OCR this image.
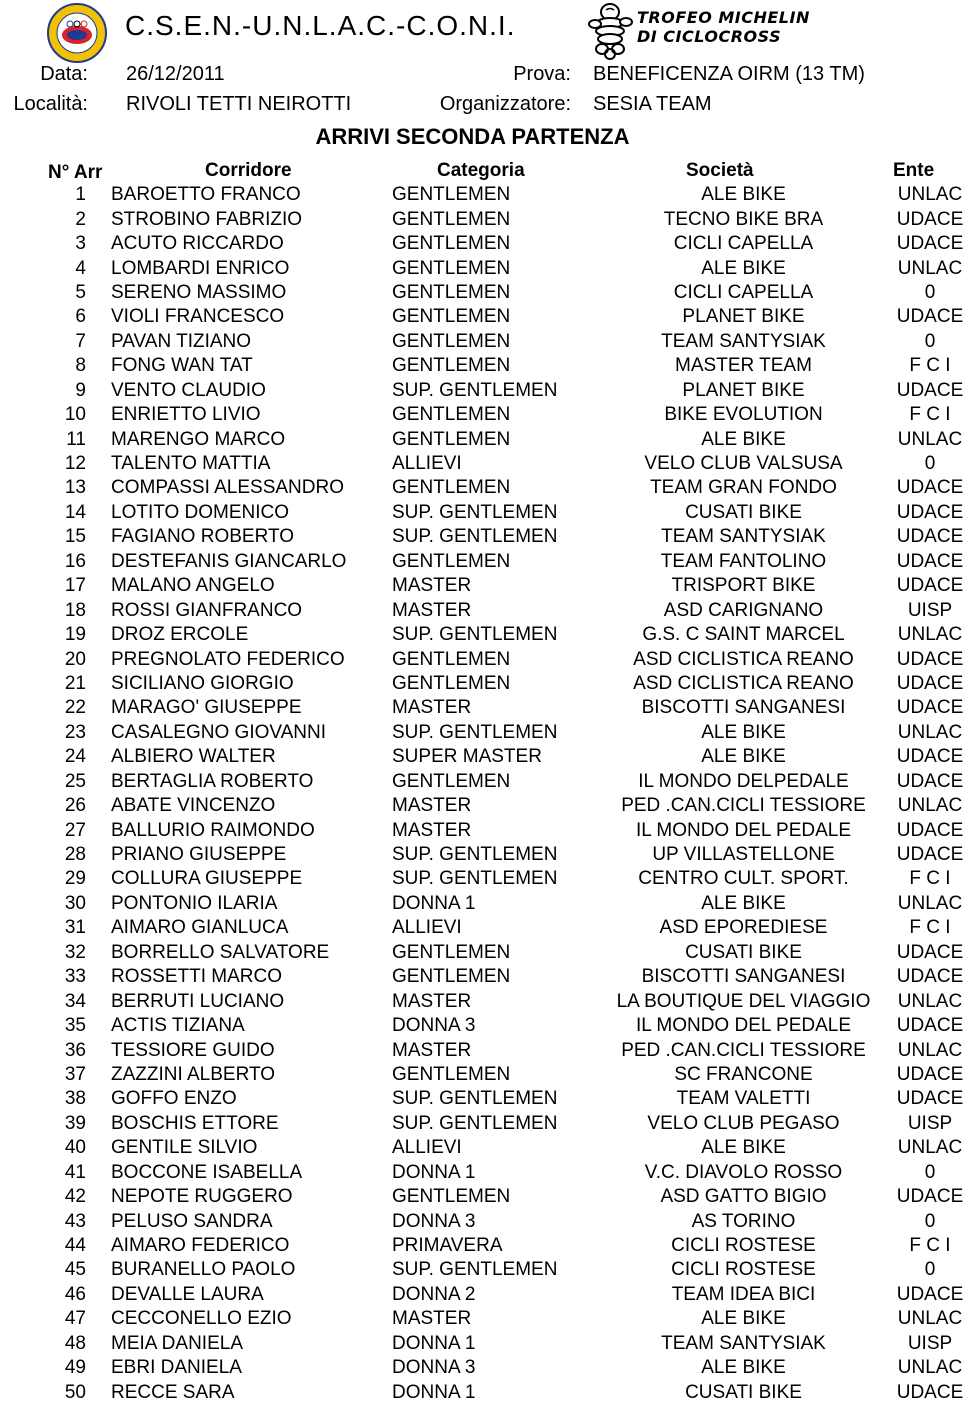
C.S.E.N.-U.N.L.A.C.-C.O.N.I.	TROFEO MICHELIN
DI CICLOCROSS
Data: 26/12/2011	Prova: BENEFICENZA OIRM (13 TM)
Località: RIVOLI TETTI NEIROTTI	Organizzatore: SESIA TEAM
ARRIVI SECONDA PARTENZA
N° Arr	Corridore	Categoria	Società	Ente
1	BAROETTO FRANCO	GENTLEMEN	ALE BIKE	UNLAC
2	STROBINO FABRIZIO	GENTLEMEN	TECNO BIKE BRA	UDACE
3	ACUTO RICCARDO	GENTLEMEN	CICLI CAPELLA	UDACE
4	LOMBARDI ENRICO	GENTLEMEN	ALE BIKE	UNLAC
5	SERENO MASSIMO	GENTLEMEN	CICLI CAPELLA	0
6	VIOLI FRANCESCO	GENTLEMEN	PLANET BIKE	UDACE
7	PAVAN TIZIANO	GENTLEMEN	TEAM SANTYSIAK	0
8	FONG WAN TAT	GENTLEMEN	MASTER TEAM	F C I
9	VENTO CLAUDIO	SUP. GENTLEMEN	PLANET BIKE	UDACE
10	ENRIETTO LIVIO	GENTLEMEN	BIKE EVOLUTION	F C I
11	MARENGO MARCO	GENTLEMEN	ALE BIKE	UNLAC
12	TALENTO MATTIA	ALLIEVI	VELO CLUB VALSUSA	0
13	COMPASSI ALESSANDRO	GENTLEMEN	TEAM GRAN FONDO	UDACE
14	LOTITO DOMENICO	SUP. GENTLEMEN	CUSATI BIKE	UDACE
15	FAGIANO ROBERTO	SUP. GENTLEMEN	TEAM SANTYSIAK	UDACE
16	DESTEFANIS GIANCARLO	GENTLEMEN	TEAM FANTOLINO	UDACE
17	MALANO ANGELO	MASTER	TRISPORT BIKE	UDACE
18	ROSSI GIANFRANCO	MASTER	ASD CARIGNANO	UISP
19	DROZ ERCOLE	SUP. GENTLEMEN	G.S. C SAINT MARCEL	UNLAC
20	PREGNOLATO FEDERICO	GENTLEMEN	ASD CICLISTICA REANO	UDACE
21	SICILIANO GIORGIO	GENTLEMEN	ASD CICLISTICA REANO	UDACE
22	MARAGO' GIUSEPPE	MASTER	BISCOTTI SANGANESI	UDACE
23	CASALEGNO GIOVANNI	SUP. GENTLEMEN	ALE BIKE	UNLAC
24	ALBIERO WALTER	SUPER MASTER	ALE BIKE	UDACE
25	BERTAGLIA ROBERTO	GENTLEMEN	IL MONDO DELPEDALE	UDACE
26	ABATE VINCENZO	MASTER	PED .CAN.CICLI TESSIORE	UNLAC
27	BALLURIO RAIMONDO	MASTER	IL MONDO DEL PEDALE	UDACE
28	PRIANO GIUSEPPE	SUP. GENTLEMEN	UP VILLASTELLONE	UDACE
29	COLLURA GIUSEPPE	SUP. GENTLEMEN	CENTRO CULT. SPORT.	F C I
30	PONTONIO ILARIA	DONNA 1	ALE BIKE	UNLAC
31	AIMARO GIANLUCA	ALLIEVI	ASD EPOREDIESE	F C I
32	BORRELLO SALVATORE	GENTLEMEN	CUSATI BIKE	UDACE
33	ROSSETTI MARCO	GENTLEMEN	BISCOTTI SANGANESI	UDACE
34	BERRUTI LUCIANO	MASTER	LA BOUTIQUE DEL VIAGGIO	UNLAC
35	ACTIS TIZIANA	DONNA 3	IL MONDO DEL PEDALE	UDACE
36	TESSIORE GUIDO	MASTER	PED .CAN.CICLI TESSIORE	UNLAC
37	ZAZZINI ALBERTO	GENTLEMEN	SC FRANCONE	UDACE
38	GOFFO ENZO	SUP. GENTLEMEN	TEAM VALETTI	UDACE
39	BOSCHIS ETTORE	SUP. GENTLEMEN	VELO CLUB PEGASO	UISP
40	GENTILE SILVIO	ALLIEVI	ALE BIKE	UNLAC
41	BOCCONE ISABELLA	DONNA 1	V.C. DIAVOLO ROSSO	0
42	NEPOTE RUGGERO	GENTLEMEN	ASD GATTO BIGIO	UDACE
43	PELUSO SANDRA	DONNA 3	AS TORINO	0
44	AIMARO FEDERICO	PRIMAVERA	CICLI ROSTESE	F C I
45	BURANELLO PAOLO	SUP. GENTLEMEN	CICLI ROSTESE	0
46	DEVALLE LAURA	DONNA 2	TEAM IDEA BICI	UDACE
47	CECCONELLO EZIO	MASTER	ALE BIKE	UNLAC
48	MEIA DANIELA	DONNA 1	TEAM SANTYSIAK	UISP
49	EBRI DANIELA	DONNA 3	ALE BIKE	UNLAC
50	RECCE SARA	DONNA 1	CUSATI BIKE	UDACE
